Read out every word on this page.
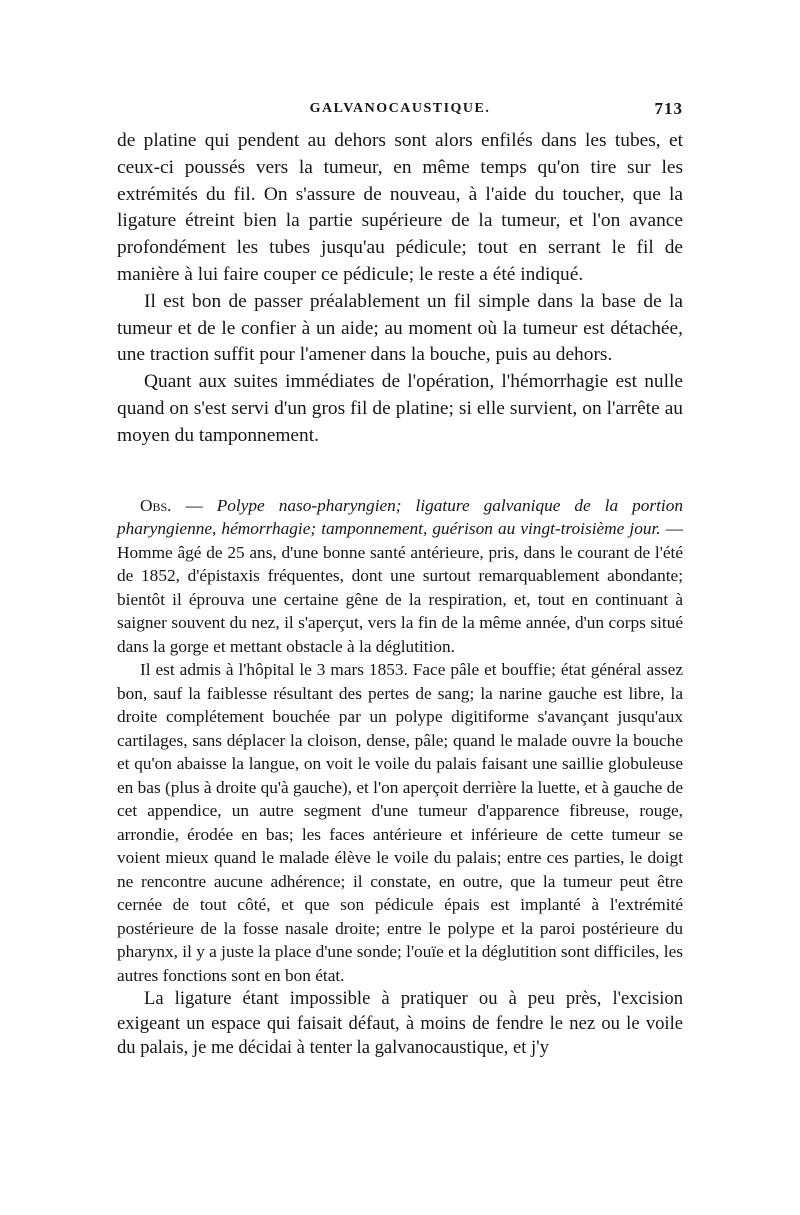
GALVANOCAUSTIQUE.	713

de platine qui pendent au dehors sont alors enfilés dans les tubes, et ceux-ci poussés vers la tumeur, en même temps qu'on tire sur les extrémités du fil. On s'assure de nouveau, à l'aide du toucher, que la ligature étreint bien la partie supérieure de la tumeur, et l'on avance profondément les tubes jusqu'au pédicule; tout en serrant le fil de manière à lui faire couper ce pédicule; le reste a été indiqué.

Il est bon de passer préalablement un fil simple dans la base de la tumeur et de le confier à un aide; au moment où la tumeur est détachée, une traction suffit pour l'amener dans la bouche, puis au dehors.

Quant aux suites immédiates de l'opération, l'hémorrhagie est nulle quand on s'est servi d'un gros fil de platine; si elle survient, on l'arrête au moyen du tamponnement.

Obs. — Polype naso-pharyngien; ligature galvanique de la portion pharyngienne, hémorrhagie; tamponnement, guérison au vingt-troisième jour. — Homme âgé de 25 ans, d'une bonne santé antérieure, pris, dans le courant de l'été de 1852, d'épistaxis fréquentes, dont une surtout remarquablement abondante; bientôt il éprouva une certaine gêne de la respiration, et, tout en continuant à saigner souvent du nez, il s'aperçut, vers la fin de la même année, d'un corps situé dans la gorge et mettant obstacle à la déglutition.

Il est admis à l'hôpital le 3 mars 1853. Face pâle et bouffie; état général assez bon, sauf la faiblesse résultant des pertes de sang; la narine gauche est libre, la droite complétement bouchée par un polype digitiforme s'avançant jusqu'aux cartilages, sans déplacer la cloison, dense, pâle; quand le malade ouvre la bouche et qu'on abaisse la langue, on voit le voile du palais faisant une saillie globuleuse en bas (plus à droite qu'à gauche), et l'on aperçoit derrière la luette, et à gauche de cet appendice, un autre segment d'une tumeur d'apparence fibreuse, rouge, arrondie, érodée en bas; les faces antérieure et inférieure de cette tumeur se voient mieux quand le malade élève le voile du palais; entre ces parties, le doigt ne rencontre aucune adhérence; il constate, en outre, que la tumeur peut être cernée de tout côté, et que son pédicule épais est implanté à l'extrémité postérieure de la fosse nasale droite; entre le polype et la paroi postérieure du pharynx, il y a juste la place d'une sonde; l'ouïe et la déglutition sont difficiles, les autres fonctions sont en bon état.

La ligature étant impossible à pratiquer ou à peu près, l'excision exigeant un espace qui faisait défaut, à moins de fendre le nez ou le voile du palais, je me décidai à tenter la galvanocaustique, et j'y
